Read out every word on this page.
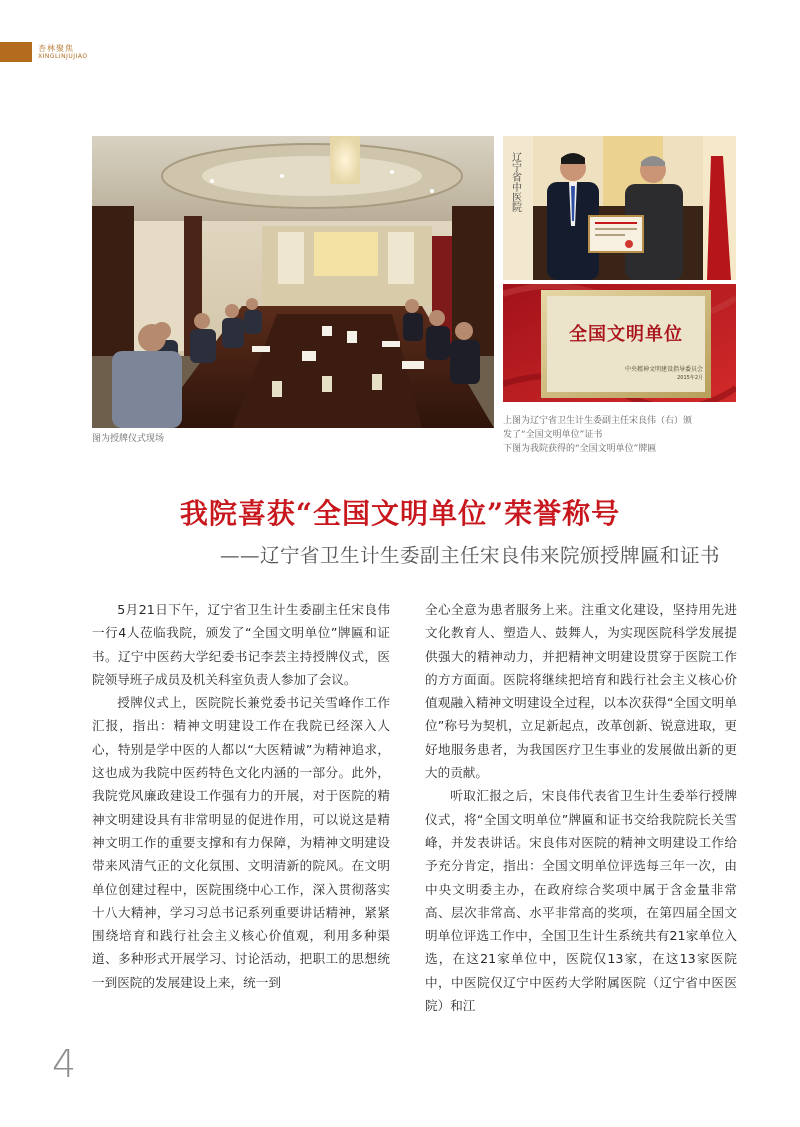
杏林聚焦
XINGLINJUJIAO
图为授牌仪式现场
辽宁省中医院
全国文明单位
中央精神文明建设指导委员会
2015年2月
上图为辽宁省卫生计生委副主任宋良伟（右）颁
发了“全国文明单位”证书
下图为我院获得的“全国文明单位”牌匾
我院喜获“全国文明单位”荣誉称号
——辽宁省卫生计生委副主任宋良伟来院颁授牌匾和证书

5月21日下午，辽宁省卫生计生委副主任宋良伟一行4人莅临我院，颁发了“全国文明单位”牌匾和证书。辽宁中医药大学纪委书记李芸主持授牌仪式，医院领导班子成员及机关科室负责人参加了会议。

授牌仪式上，医院院长兼党委书记关雪峰作工作汇报，指出：精神文明建设工作在我院已经深入人心，特别是学中医的人都以“大医精诚”为精神追求，这也成为我院中医药特色文化内涵的一部分。此外，我院党风廉政建设工作强有力的开展，对于医院的精神文明建设具有非常明显的促进作用，可以说这是精神文明工作的重要支撑和有力保障，为精神文明建设带来风清气正的文化氛围、文明清新的院风。在文明单位创建过程中，医院围绕中心工作，深入贯彻落实十八大精神，学习习总书记系列重要讲话精神，紧紧围绕培育和践行社会主义核心价值观，利用多种渠道、多种形式开展学习、讨论活动，把职工的思想统一到医院的发展建设上来，统一到

全心全意为患者服务上来。注重文化建设，坚持用先进文化教育人、塑造人、鼓舞人，为实现医院科学发展提供强大的精神动力，并把精神文明建设贯穿于医院工作的方方面面。医院将继续把培育和践行社会主义核心价值观融入精神文明建设全过程，以本次获得“全国文明单位”称号为契机，立足新起点，改革创新、锐意进取，更好地服务患者，为我国医疗卫生事业的发展做出新的更大的贡献。

听取汇报之后，宋良伟代表省卫生计生委举行授牌仪式，将“全国文明单位”牌匾和证书交给我院院长关雪峰，并发表讲话。宋良伟对医院的精神文明建设工作给予充分肯定，指出：全国文明单位评选每三年一次，由中央文明委主办，在政府综合奖项中属于含金量非常高、层次非常高、水平非常高的奖项，在第四届全国文明单位评选工作中，全国卫生计生系统共有21家单位入选，在这21家单位中，医院仅13家，在这13家医院中，中医院仅辽宁中医药大学附属医院（辽宁省中医医院）和江

4
